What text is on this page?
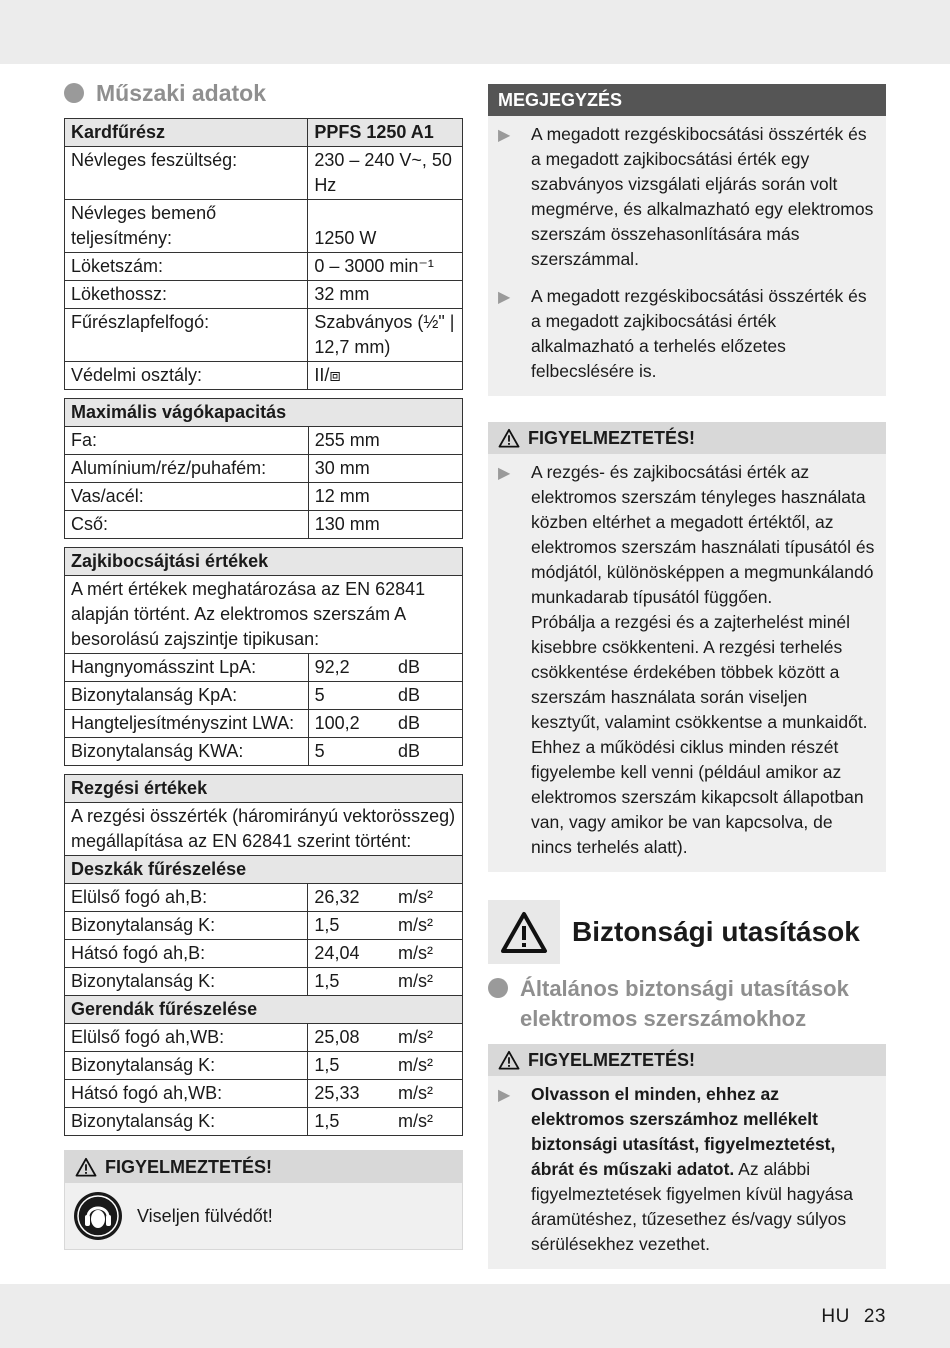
Műszaki adatok
Kardfűrész	PPFS 1250 A1
Névleges feszültség:	230 – 240 V~, 50 Hz
Névleges bemenő teljesítmény:	1250 W
Löketszám:	0 – 3000 min⁻¹
Lökethossz:	32 mm
Fűrészlapfelfogó:	Szabványos (½" | 12,7 mm)
Védelmi osztály:	II/⧈
Maximális vágókapacitás	
Fa:	255 mm
Alumínium/réz/puhafém:	30 mm
Vas/acél:	12 mm
Cső:	130 mm
Zajkibocsájtási értékek	
A mért értékek meghatározása az EN 62841 alapján történt. Az elektromos szerszám A besorolású zajszintje tipikusan:	
Hangnyomásszint LpA:	92,2 dB

Bizonytalanság KpA:	5 dB

Hangteljesítményszint LWA:	100,2 dB

Bizonytalanság KWA:	5 dB
Rezgési értékek	
A rezgési összérték (háromirányú vektorösszeg) megállapítása az EN 62841 szerint történt:	
Deszkák fűrészelése	
Elülső fogó ah,B:	26,32 m/s²

Bizonytalanság K:	1,5 m/s²

Hátsó fogó ah,B:	24,04 m/s²

Bizonytalanság K:	1,5 m/s²

Gerendák fűrészelése	
Elülső fogó ah,WB:	25,08 m/s²

Bizonytalanság K:	1,5 m/s²

Hátsó fogó ah,WB:	25,33 m/s²

Bizonytalanság K:	1,5 m/s²
FIGYELMEZTETÉS!
Viseljen fülvédőt!
MEGJEGYZÉS
▶	A megadott rezgéskibocsátási összérték és a megadott zajkibocsátási érték egy szabványos vizsgálati eljárás során volt megmérve, és alkalmazható egy elektromos szerszám összehasonlítására más szerszámmal.
▶	A megadott rezgéskibocsátási összérték és a megadott zajkibocsátási érték alkalmazható a terhelés előzetes felbecslésére is.
FIGYELMEZTETÉS!
▶	A rezgés- és zajkibocsátási érték az elektromos szerszám tényleges használata közben eltérhet a megadott értéktől, az elektromos szerszám használati típusától és módjától, különösképpen a megmunkálandó munkadarab típusától függően.
Próbálja a rezgési és a zajterhelést minél kisebbre csökkenteni. A rezgési terhelés csökkentése érdekében többek között a szerszám használata során viseljen kesztyűt, valamint csökkentse a munkaidőt. Ehhez a működési ciklus minden részét figyelembe kell venni (például amikor az elektromos szerszám kikapcsolt állapotban van, vagy amikor be van kapcsolva, de nincs terhelés alatt).
Biztonsági utasítások
Általános biztonsági utasítások elektromos szerszámokhoz
FIGYELMEZTETÉS!
▶	Olvasson el minden, ehhez az elektromos szerszámhoz mellékelt biztonsági utasítást, figyelmeztetést, ábrát és műszaki adatot. Az alábbi figyelmeztetések figyelmen kívül hagyása áramütéshez, tűzesethez és/vagy súlyos sérülésekhez vezethet.
HU 23
